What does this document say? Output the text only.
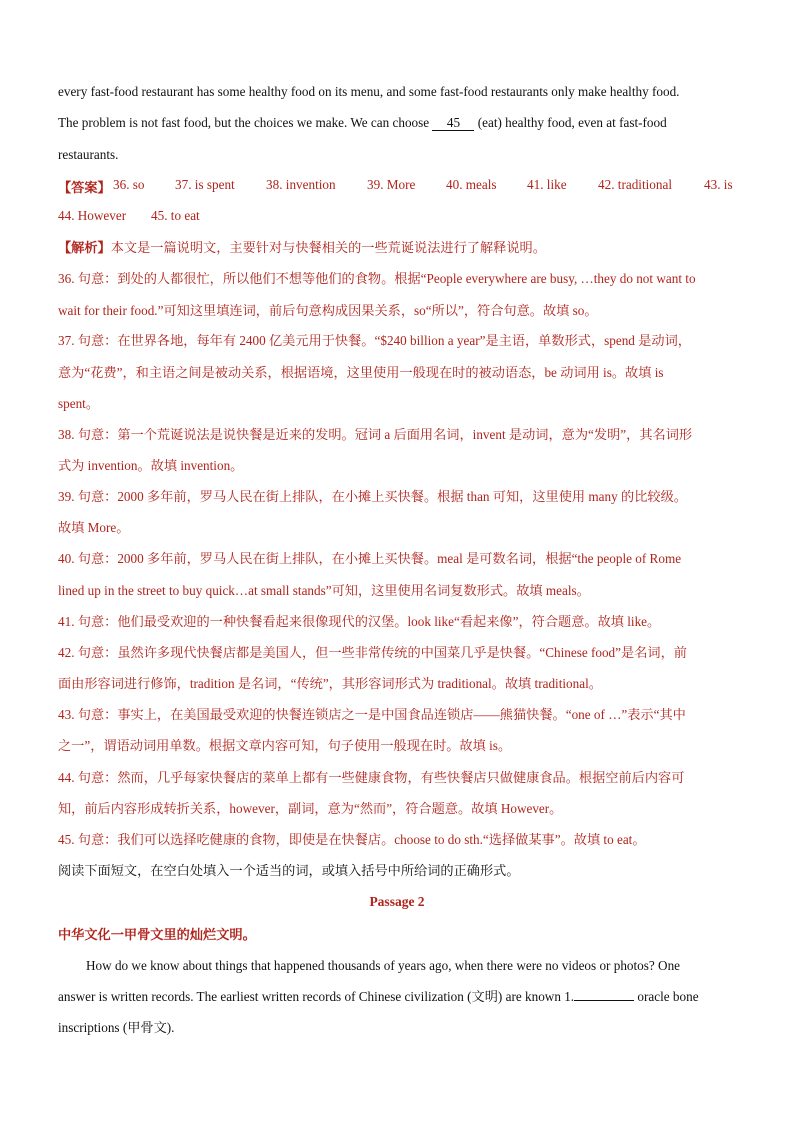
every fast-food restaurant has some healthy food on its menu, and some fast-food restaurants only make healthy food.
The problem is not fast food, but the choices we make. We can choose 45 (eat) healthy food, even at fast-food
restaurants.
【答案】 36. so 37. is spent 38. invention 39. More 40. meals 41. like 42. traditional 43. is
44. However 45. to eat
【解析】本文是一篇说明文，主要针对与快餐相关的一些荒诞说法进行了解释说明。
36. 句意：到处的人都很忙，所以他们不想等他们的食物。根据“People everywhere are busy, …they do not want to
wait for their food.”可知这里填连词，前后句意构成因果关系，so“所以”，符合句意。故填 so。
37. 句意：在世界各地，每年有 2400 亿美元用于快餐。“$240 billion a year”是主语，单数形式，spend 是动词，
意为“花费”，和主语之间是被动关系，根据语境，这里使用一般现在时的被动语态，be 动词用 is。故填 is
spent。
38. 句意：第一个荒诞说法是说快餐是近来的发明。冠词 a 后面用名词，invent 是动词，意为“发明”，其名词形
式为 invention。故填 invention。
39. 句意：2000 多年前，罗马人民在街上排队，在小摊上买快餐。根据 than 可知，这里使用 many 的比较级。
故填 More。
40. 句意：2000 多年前，罗马人民在街上排队，在小摊上买快餐。meal 是可数名词，根据“the people of Rome
lined up in the street to buy quick…at small stands”可知，这里使用名词复数形式。故填 meals。
41. 句意：他们最受欢迎的一种快餐看起来很像现代的汉堡。look like“看起来像”，符合题意。故填 like。
42. 句意：虽然许多现代快餐店都是美国人，但一些非常传统的中国菜几乎是快餐。“Chinese food”是名词，前
面由形容词进行修饰，tradition 是名词，“传统”，其形容词形式为 traditional。故填 traditional。
43. 句意：事实上，在美国最受欢迎的快餐连锁店之一是中国食品连锁店——熊猫快餐。“one of …”表示“其中
之一”，谓语动词用单数。根据文章内容可知，句子使用一般现在时。故填 is。
44. 句意：然而，几乎每家快餐店的菜单上都有一些健康食物，有些快餐店只做健康食品。根据空前后内容可
知，前后内容形成转折关系，however，副词，意为“然而”，符合题意。故填 However。
45. 句意：我们可以选择吃健康的食物，即使是在快餐店。choose to do sth.“选择做某事”。故填 to eat。
阅读下面短文，在空白处填入一个适当的词，或填入括号中所给词的正确形式。
Passage 2
中华文化一甲骨文里的灿烂文明。
How do we know about things that happened thousands of years ago, when there were no videos or photos? One
answer is written records. The earliest written records of Chinese civilization (文明) are known 1.	oracle bone
inscriptions (甲骨文).
